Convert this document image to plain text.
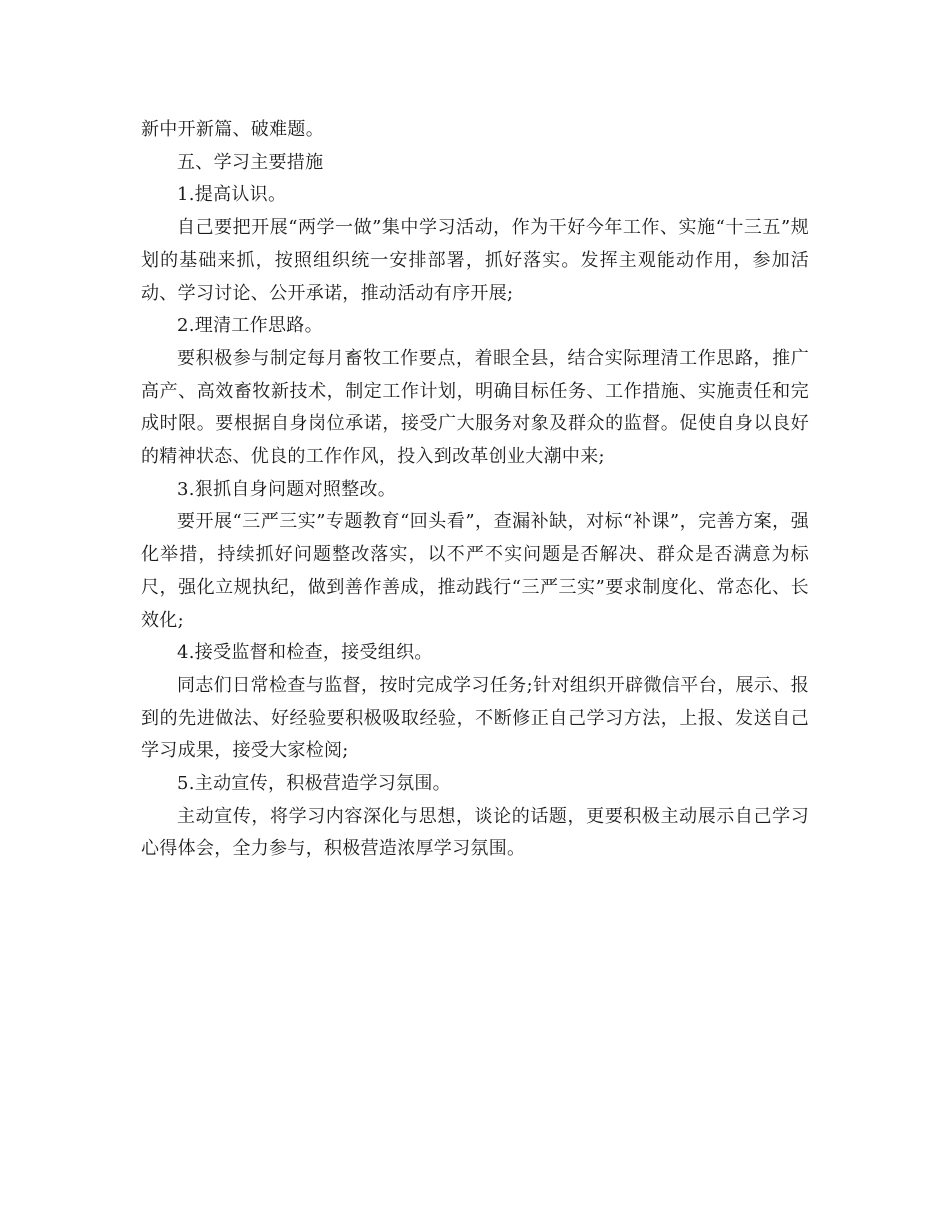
新中开新篇、破难题。

五、学习主要措施

1.提高认识。

自己要把开展“两学一做”集中学习活动，作为干好今年工作、实施“十三五”规划的基础来抓，按照组织统一安排部署，抓好落实。发挥主观能动作用，参加活动、学习讨论、公开承诺，推动活动有序开展;

2.理清工作思路。

要积极参与制定每月畜牧工作要点，着眼全县，结合实际理清工作思路，推广高产、高效畜牧新技术，制定工作计划，明确目标任务、工作措施、实施责任和完成时限。要根据自身岗位承诺，接受广大服务对象及群众的监督。促使自身以良好的精神状态、优良的工作作风，投入到改革创业大潮中来;

3.狠抓自身问题对照整改。

要开展“三严三实”专题教育“回头看”，查漏补缺，对标“补课”，完善方案，强化举措，持续抓好问题整改落实，以不严不实问题是否解决、群众是否满意为标尺，强化立规执纪，做到善作善成，推动践行“三严三实”要求制度化、常态化、长效化;

4.接受监督和检查，接受组织。

同志们日常检查与监督，按时完成学习任务;针对组织开辟微信平台，展示、报到的先进做法、好经验要积极吸取经验，不断修正自己学习方法，上报、发送自己学习成果，接受大家检阅;

5.主动宣传，积极营造学习氛围。

主动宣传，将学习内容深化与思想，谈论的话题，更要积极主动展示自己学习心得体会，全力参与，积极营造浓厚学习氛围。
